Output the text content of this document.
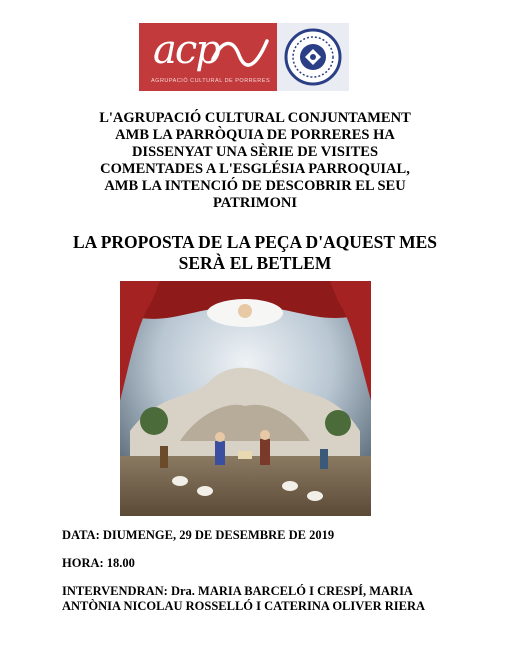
acp
AGRUPACIÓ CULTURAL DE PORRERES
L'AGRUPACIÓ CULTURAL CONJUNTAMENT
AMB LA PARRÒQUIA DE PORRERES HA
DISSENYAT UNA SÈRIE DE VISITES
COMENTADES A L'ESGLÉSIA PARROQUIAL,
AMB LA INTENCIÓ DE DESCOBRIR EL SEU
PATRIMONI
LA PROPOSTA DE LA PEÇA D'AQUEST MES
SERÀ EL BETLEM
DATA: DIUMENGE, 29 DE DESEMBRE DE 2019
HORA: 18.00
INTERVENDRAN: Dra. MARIA BARCELÓ I CRESPÍ, MARIA
ANTÒNIA NICOLAU ROSSELLÓ I CATERINA OLIVER RIERA
